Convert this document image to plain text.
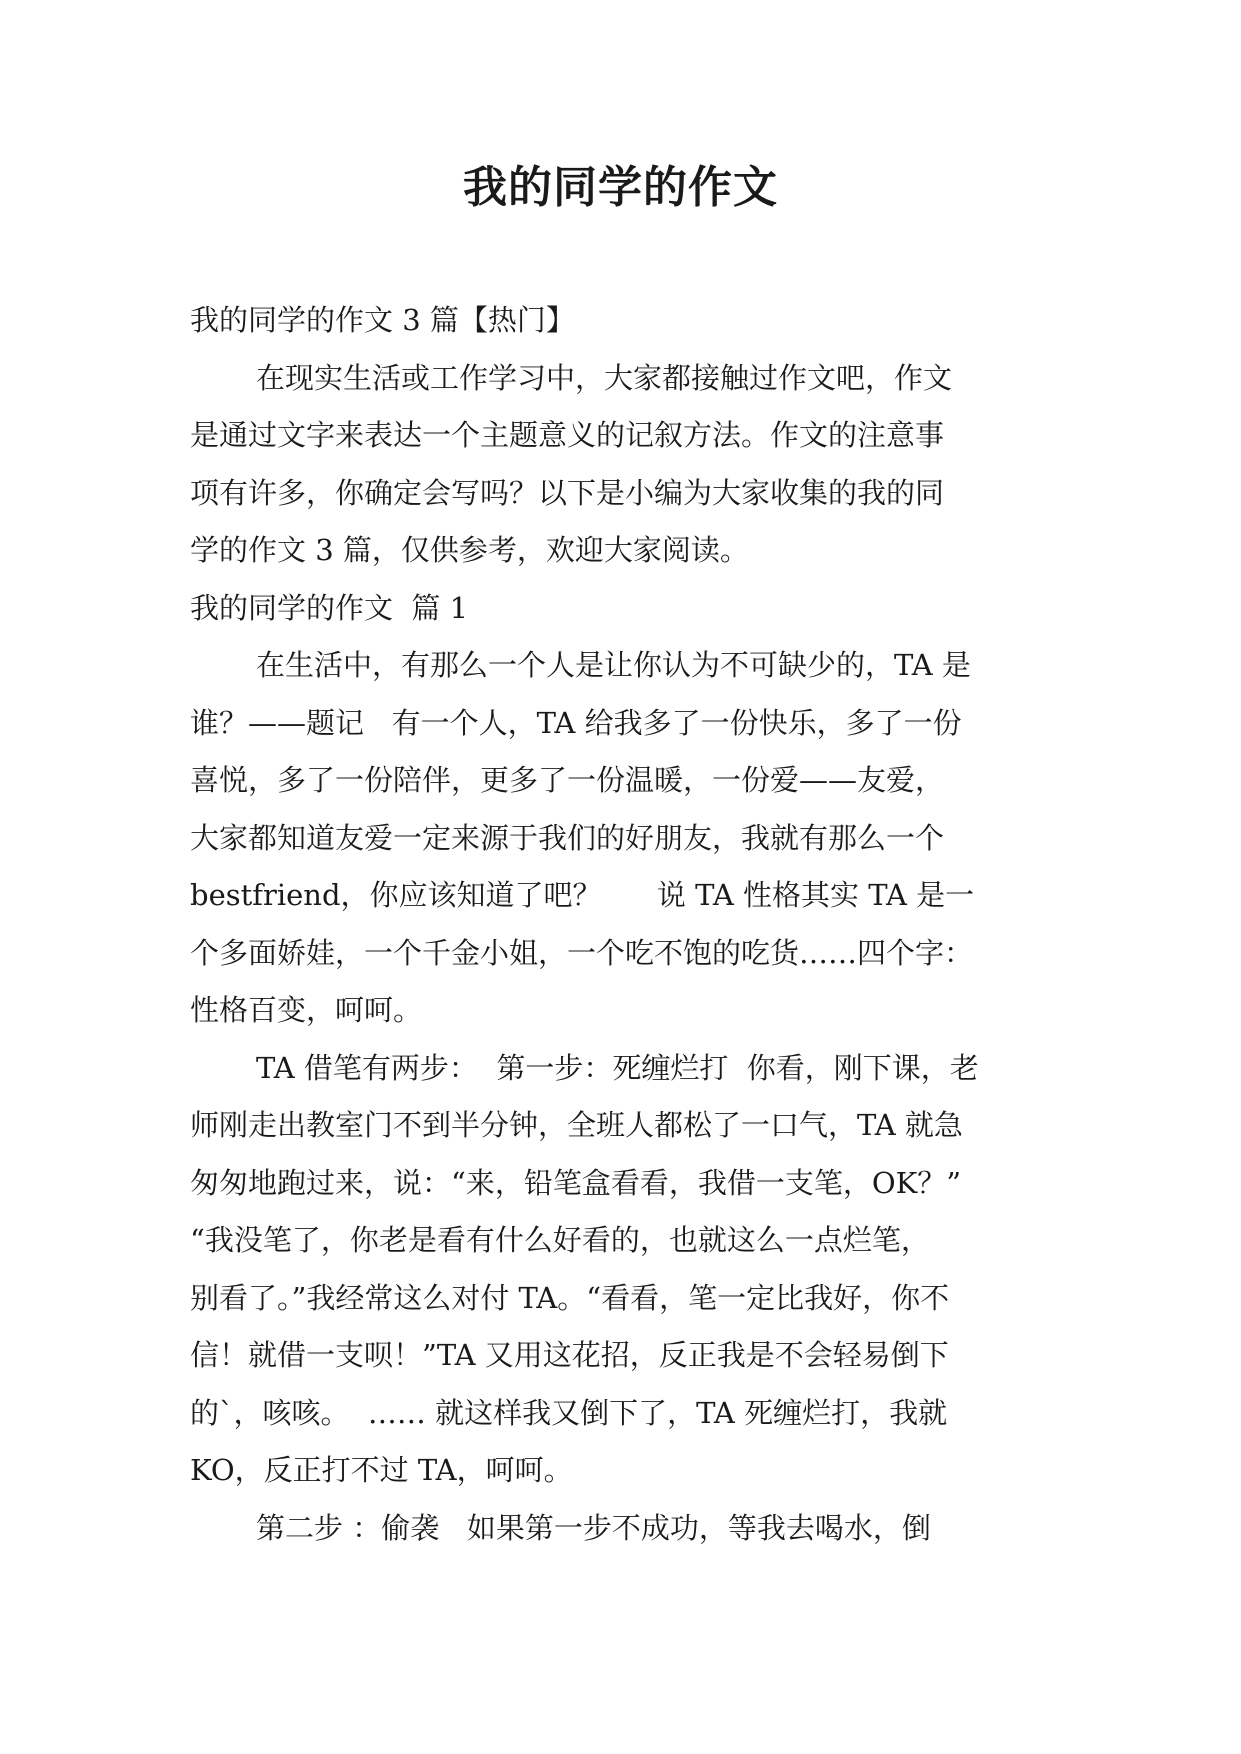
我的同学的作文
我的同学的作文 3 篇【热门】
在现实生活或工作学习中，大家都接触过作文吧，作文
是通过文字来表达一个主题意义的记叙方法。作文的注意事
项有许多，你确定会写吗？以下是小编为大家收集的我的同
学的作文 3 篇，仅供参考，欢迎大家阅读。
我的同学的作文  篇 1
在生活中，有那么一个人是让你认为不可缺少的，TA 是
谁？——题记   有一个人，TA 给我多了一份快乐，多了一份
喜悦，多了一份陪伴，更多了一份温暖，一份爱——友爱，
大家都知道友爱一定来源于我们的好朋友，我就有那么一个
bestfriend，你应该知道了吧？      说 TA 性格其实 TA 是一
个多面娇娃，一个千金小姐，一个吃不饱的吃货……四个字：
性格百变，呵呵。
TA 借笔有两步：  第一步：死缠烂打  你看，刚下课，老
师刚走出教室门不到半分钟，全班人都松了一口气，TA 就急
匆匆地跑过来，说：“来，铅笔盒看看，我借一支笔，OK？”
“我没笔了，你老是看有什么好看的，也就这么一点烂笔，
别看了。”我经常这么对付 TA。“看看，笔一定比我好，你不
信！就借一支呗！”TA 又用这花招，反正我是不会轻易倒下
的`，咳咳。  …… 就这样我又倒下了，TA 死缠烂打，我就
KO，反正打不过 TA，呵呵。
第二步 ：偷袭   如果第一步不成功，等我去喝水，倒
